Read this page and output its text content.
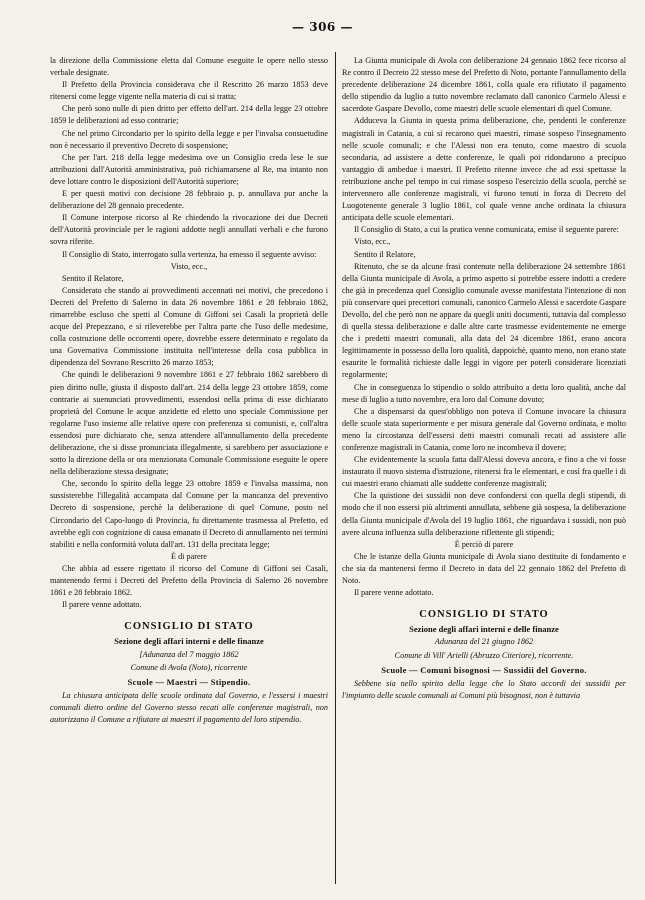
— 306 —

la direzione della Commissione eletta dal Comune eseguite le opere nello stesso verbale designate.

Il Prefetto della Provincia considerava che il Rescritto 26 marzo 1853 deve ritenersi come legge vigente nella materia di cui si tratta;

Che però sono nulle di pien dritto per effetto dell'art. 214 della legge 23 ottobre 1859 le deliberazioni ad esso contrarie;

Che nel primo Circondario per lo spirito della legge e per l'invalsa consuetudine non è necessario il preventivo Decreto di sospensione;

Che per l'art. 218 della legge medesima ove un Consiglio creda lese le sue attribuzioni dall'Autorità amministrativa, può richiamarsene al Re, ma intanto non deve lottare contro le disposizioni dell'Autorità superiore;

E per questi motivi con decisione 28 febbraio p. p. annullava pur anche la deliberazione del 28 gennaio precedente.

Il Comune interpose ricorso al Re chiedendo la rivocazione dei due Decreti dell'Autorità provinciale per le ragioni addotte negli annullati verbali e che furono sovra riferite.

Il Consiglio di Stato, interrogato sulla vertenza, ha emesso il seguente avviso:

Visto, ecc.,

Sentito il Relatore,

Considerato che stando ai provvedimenti accennati nei motivi, che precedono i Decreti del Prefetto di Salerno in data 26 novembre 1861 e 28 febbraio 1862, rimarrebbe escluso che spetti al Comune di Giffoni sei Casali la proprietà delle acque del Prepezzano, e si rileverebbe per l'altra parte che l'uso delle medesime, colla costruzione delle occorrenti opere, dovrebbe essere determinato e regolato da una Governativa Commissione instituita nell'interesse della cosa pubblica in dipendenza del Sovrano Rescritto 26 marzo 1853;

Che quindi le deliberazioni 9 novembre 1861 e 27 febbraio 1862 sarebbero di pien diritto nulle, giusta il disposto dall'art. 214 della legge 23 ottobre 1859, come contrarie ai suenunciati provvedimenti, essendosi nella prima di esse dichiarato proprietà del Comune le acque anzidette ed eletto uno speciale Commissione per regolarne l'uso insieme alle relative opere con preferenza si comunisti, e, coll'altra essendosi pure dichiarato che, senza attendere all'annullamento della precedente deliberazione, che si disse pronunciata illegalmente, si sarebbero per associazione e sotto la direzione della or ora menzionata Comunale Commissione eseguite le opere nella deliberazione stessa designate;

Che, secondo lo spirito della legge 23 ottobre 1859 e l'invalsa massima, non sussisterebbe l'illegalità accampata dal Comune per la mancanza del preventivo Decreto di sospensione, perchè la deliberazione di quel Comune, posto nel Circondario del Capo-luogo di Provincia, fu direttamente trasmessa al Prefetto, ed avrebbe egli con cognizione di causa emanato il Decreto di annullamento nei termini stabiliti e nella conformità voluta dall'art. 131 della precitata legge;

È di parere

Che abbia ad essere rigettato il ricorso del Comune di Giffoni sei Casali, mantenendo fermi i Decreti del Prefetto della Provincia di Salerno 26 novembre 1861 e 28 febbraio 1862.

Il parere venne adottato.

CONSIGLIO DI STATO
Sezione degli affari interni e delle finanze
[Adunanza del 7 maggio 1862
Comune di Avola (Noto), ricorrente
Scuole — Maestri — Stipendio.

La chiusura anticipata delle scuole ordinata dal Governo, e l'essersi i maestri comunali dietro ordine del Governo stesso recati alle conferenze magistrali, non autorizzano il Comune a rifiutare ai maestri il pagamento del loro stipendio.

La Giunta municipale di Avola con deliberazione 24 gennaio 1862 fece ricorso al Re contro il Decreto 22 stesso mese del Prefetto di Noto, portante l'annullamento della precedente deliberazione 24 dicembre 1861, colla quale era rifiutato il pagamento dello stipendio da luglio a tutto novembre reclamato dall canonico Carmelo Alessi e sacerdote Gaspare Devollo, come maestri delle scuole elementari di quel Comune.

Adduceva la Giunta in questa prima deliberazione, che, pendenti le conferenze magistrali in Catania, a cui si recarono quei maestri, rimase sospeso l'insegnamento nelle scuole comunali; e che l'Alessi non era tenuto, come maestro di scuola secondaria, ad assistere a dette conferenze, le quali poi ridondarono a precipuo vantaggio di ambedue i maestri. Il Prefetto ritenne invece che ad essi spettasse la retribuzione anche pel tempo in cui rimase sospeso l'esercizio della scuola, perchè se intervennero alle conferenze magistrali, vi furono tenuti in forza di Decreto del Luogotenente generale 3 luglio 1861, col quale venne anche ordinata la chiusura anticipata delle scuole elementari.

Il Consiglio di Stato, a cui la pratica venne comunicata, emise il seguente parere:

Visto, ecc.,

Sentito il Relatore,

Ritenuto, che se da alcune frasi contenute nella deliberazione 24 settembre 1861 della Giunta municipale di Avola, a primo aspetto si potrebbe essere indotti a credere che già in precedenza quel Consiglio comunale avesse manifestata l'intenzione di non più conservare quei precettori comunali, canonico Carmelo Alessi e sacerdote Gaspare Devollo, del che però non ne appare da quegli uniti documenti, tuttavia dal complesso di quella stessa deliberazione e dalle altre carte trasmesse evidentemente ne emerge che i predetti maestri comunali, alla data del 24 dicembre 1861, erano ancora legittimamente in possesso della loro qualità, dappoichè, quanto meno, non erano state esaurite le formalità richieste dalle leggi in vigore per poterli considerare licenziati regolarmente;

Che in conseguenza lo stipendio o soldo attribuito a detta loro qualità, anche dal mese di luglio a tutto novembre, era loro dal Comune dovuto;

Che a dispensarsi da quest'obbligo non poteva il Comune invocare la chiusura delle scuole stata superiormente e per misura generale dal Governo ordinata, e molto meno la circostanza dell'essersi detti maestri comunali recati ad assistere alle conferenze magistrali in Catania, come loro ne incombeva il dovere;

Che evidentemente la scuola fatta dall'Alessi doveva ancora, e fino a che vi fosse instaurato il nuovo sistema d'istruzione, ritenersi fra le elementari, e così fra quelle i di cui maestri erano chiamati alle suddette conferenze magistrali;

Che la quistione dei sussidii non deve confondersi con quella degli stipendi, di modo che il non essersi più altrimenti annullata, sebbene già sospesa, la deliberazione della Giunta municipale d'Avola del 19 luglio 1861, che riguardava i sussidi, non può avere alcuna influenza sulla deliberazione riflettente gli stipendi;

È perciò di parere

Che le istanze della Giunta municipale di Avola siano destituite di fondamento e che sia da mantenersi fermo il Decreto in data del 22 gennaio 1862 del Prefetto di Noto.

Il parere venne adottato.

CONSIGLIO DI STATO
Sezione degli affari interni e delle finanze
Adunanza del 21 giugno 1862
Comune di Vill' Arielli (Abruzzo Citeriore), ricorrente.
Scuole — Comuni bisognosi — Sussidii del Governo.

Sebbene sia nello spirito della legge che lo Stato accordi dei sussidii per l'impianto delle scuole comunali ai Comuni più bisognosi, non è tuttavia
